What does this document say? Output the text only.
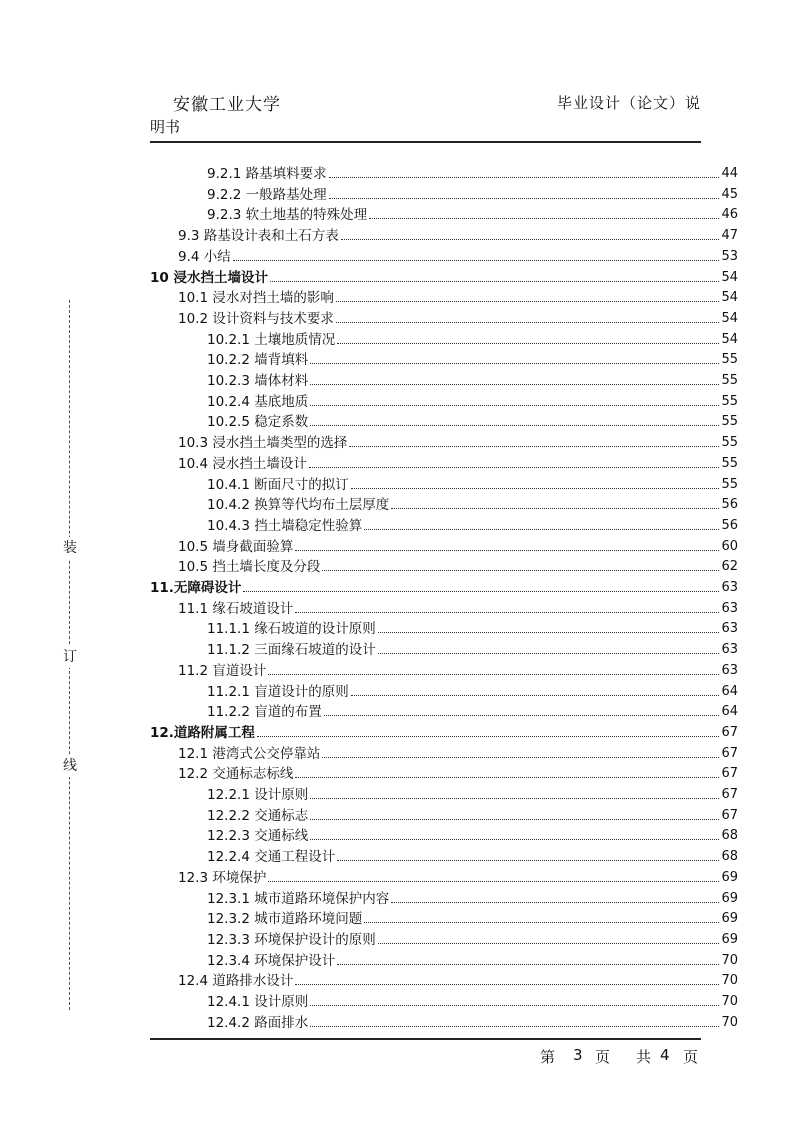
安徽工业大学	毕业设计（论文）说
明书
装
订
线
9.2.1 路基填料要求	44
9.2.2 一般路基处理	45
9.2.3 软土地基的特殊处理	46
9.3 路基设计表和土石方表	47
9.4 小结	53
10 浸水挡土墙设计	54
10.1 浸水对挡土墙的影响	54
10.2 设计资料与技术要求	54
10.2.1 土壤地质情况	54
10.2.2 墙背填料	55
10.2.3 墙体材料	55
10.2.4 基底地质	55
10.2.5 稳定系数	55
10.3 浸水挡土墙类型的选择	55
10.4 浸水挡土墙设计	55
10.4.1 断面尺寸的拟订	55
10.4.2 换算等代均布土层厚度	56
10.4.3 挡土墙稳定性验算	56
10.5 墙身截面验算	60
10.5 挡土墙长度及分段	62
11.无障碍设计	63
11.1 缘石坡道设计	63
11.1.1 缘石坡道的设计原则	63
11.1.2 三面缘石坡道的设计	63
11.2 盲道设计	63
11.2.1 盲道设计的原则	64
11.2.2 盲道的布置	64
12.道路附属工程	67
12.1 港湾式公交停靠站	67
12.2 交通标志标线	67
12.2.1 设计原则	67
12.2.2 交通标志	67
12.2.3 交通标线	68
12.2.4 交通工程设计	68
12.3 环境保护	69
12.3.1 城市道路环境保护内容	69
12.3.2 城市道路环境问题	69
12.3.3 环境保护设计的原则	69
12.3.4 环境保护设计	70
12.4 道路排水设计	70
12.4.1 设计原则	70
12.4.2 路面排水	70
第 3 页 共 4 页
